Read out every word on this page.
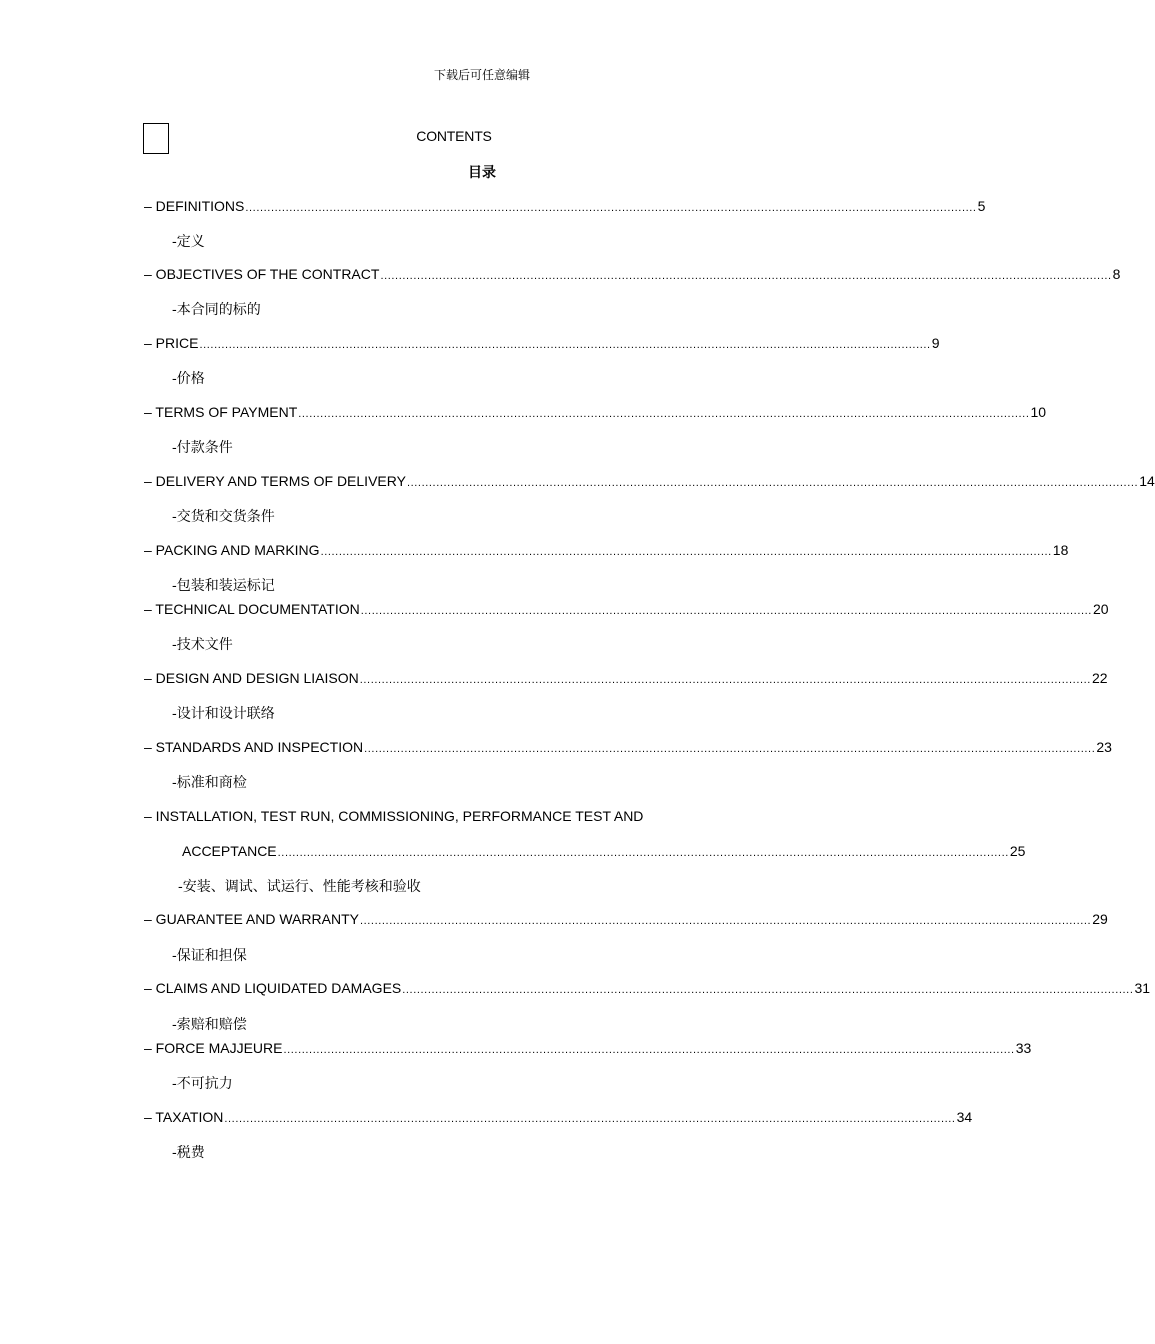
下载后可任意编辑
CONTENTS
目录
– DEFINITIONS ........................................................................................................................................................................................................ 5
-定义
– OBJECTIVES OF THE CONTRACT ........................................................................................................................................................................................................ 8
-本合同的标的
– PRICE ........................................................................................................................................................................................................ 9
-价格
– TERMS OF PAYMENT ........................................................................................................................................................................................................ 10
-付款条件
– DELIVERY AND TERMS OF DELIVERY ........................................................................................................................................................................................................ 14
-交货和交货条件
– PACKING AND MARKING ........................................................................................................................................................................................................ 18
-包装和装运标记
– TECHNICAL DOCUMENTATION ........................................................................................................................................................................................................ 20
-技术文件
– DESIGN AND DESIGN LIAISON ........................................................................................................................................................................................................ 22
-设计和设计联络
– STANDARDS AND INSPECTION ........................................................................................................................................................................................................ 23
-标准和商检
– INSTALLATION, TEST RUN, COMMISSIONING, PERFORMANCE TEST AND
ACCEPTANCE ........................................................................................................................................................................................................ 25
-安装、调试、试运行、性能考核和验收
– GUARANTEE AND WARRANTY ........................................................................................................................................................................................................ 29
-保证和担保
– CLAIMS AND LIQUIDATED DAMAGES ........................................................................................................................................................................................................ 31
-索赔和赔偿
– FORCE MAJJEURE ........................................................................................................................................................................................................ 33
-不可抗力
– TAXATION ........................................................................................................................................................................................................ 34
-税费
